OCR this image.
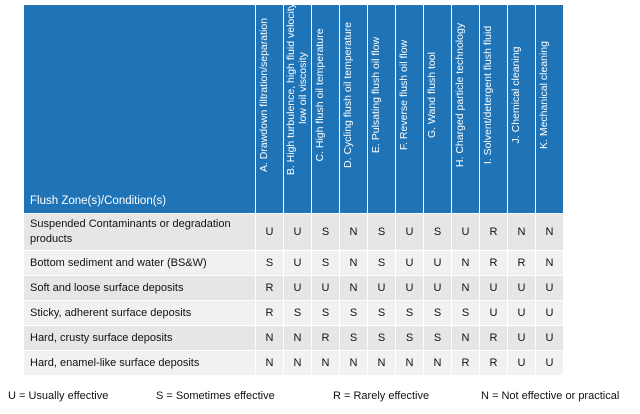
Flush Zone(s)/Condition(s)	A. Drawdown filtration/separation	B. High turbulence, high fluid velocity, low oil viscosity	C. High flush oil temperature	D. Cycling flush oil temperature	E. Pulsating flush oil flow	F. Reverse flush oil flow	G. Wand flush tool	H. Charged particle technology	I. Solvent/detergent flush fluid	J. Chemical cleaning	K. Mechanical cleaning

Suspended Contaminants or degradation products	U	U	S	N	S	U	S	U	R	N	N
Bottom sediment and water (BS&W)	S	U	S	N	S	U	U	N	R	R	N
Soft and loose surface deposits	R	U	U	N	U	U	U	N	U	U	U
Sticky, adherent surface deposits	R	S	S	S	S	S	S	S	U	U	U
Hard, crusty surface deposits	N	N	R	S	S	S	S	N	R	U	U
Hard, enamel-like surface deposits	N	N	N	N	N	N	N	R	R	U	U
U = Usually effective	S = Sometimes effective	R = Rarely effective	N = Not effective or practical
